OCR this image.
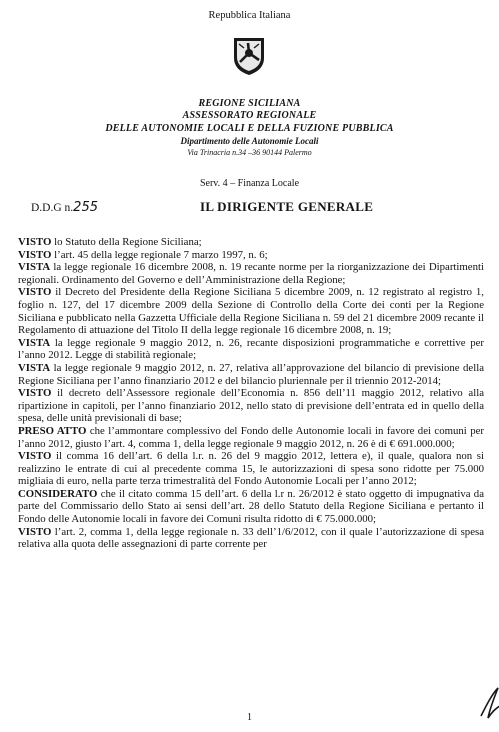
Repubblica Italiana
REGIONE SICILIANA
ASSESSORATO REGIONALE
DELLE AUTONOMIE LOCALI E DELLA FUZIONE PUBBLICA
Dipartimento delle Autonomie Locali
Via Trinacria n.34 –36 90144 Palermo
Serv. 4 – Finanza Locale
D.D.G n.255	IL DIRIGENTE GENERALE

VISTO lo Statuto della Regione Siciliana;

VISTO l’art. 45 della legge regionale 7 marzo 1997, n. 6;

VISTA la legge regionale 16 dicembre 2008, n. 19 recante norme per la riorganizzazione dei Dipartimenti regionali. Ordinamento del Governo e dell’Amministrazione della Regione;

VISTO il Decreto del Presidente della Regione Siciliana 5 dicembre 2009, n. 12 registrato al registro 1, foglio n. 127, del 17 dicembre 2009 della Sezione di Controllo della Corte dei conti per la Regione Siciliana e pubblicato nella Gazzetta Ufficiale della Regione Siciliana n. 59 del 21 dicembre 2009 recante il Regolamento di attuazione del Titolo II della legge regionale 16 dicembre 2008, n. 19;

VISTA la legge regionale 9 maggio 2012, n. 26, recante disposizioni programmatiche e correttive per l’anno 2012. Legge di stabilità regionale;

VISTA la legge regionale 9 maggio 2012, n. 27, relativa all’approvazione del bilancio di previsione della Regione Siciliana per l’anno finanziario 2012 e del bilancio pluriennale per il triennio 2012-2014;

VISTO il decreto dell’Assessore regionale dell’Economia n. 856 dell’11 maggio 2012, relativo alla ripartizione in capitoli, per l’anno finanziario 2012, nello stato di previsione dell’entrata ed in quello della spesa, delle unità previsionali di base;

PRESO ATTO che l’ammontare complessivo del Fondo delle Autonomie locali in favore dei comuni per l’anno 2012, giusto l’art. 4, comma 1, della legge regionale 9 maggio 2012, n. 26 è di € 691.000.000;

VISTO il comma 16 dell’art. 6 della l.r. n. 26 del 9 maggio 2012, lettera e), il quale, qualora non si realizzino le entrate di cui al precedente comma 15, le autorizzazioni di spesa sono ridotte per 75.000 migliaia di euro, nella parte terza trimestralità del Fondo Autonomie Locali per l’anno 2012;

CONSIDERATO che il citato comma 15 dell’art. 6 della l.r n. 26/2012 è stato oggetto di impugnativa da parte del Commissario dello Stato ai sensi dell’art. 28 dello Statuto della Regione Siciliana e pertanto il Fondo delle Autonomie locali in favore dei Comuni risulta ridotto di € 75.000.000;

VISTO l’art. 2, comma 1, della legge regionale n. 33 dell’1/6/2012, con il quale l’autorizzazione di spesa relativa alla quota delle assegnazioni di parte corrente per

1
